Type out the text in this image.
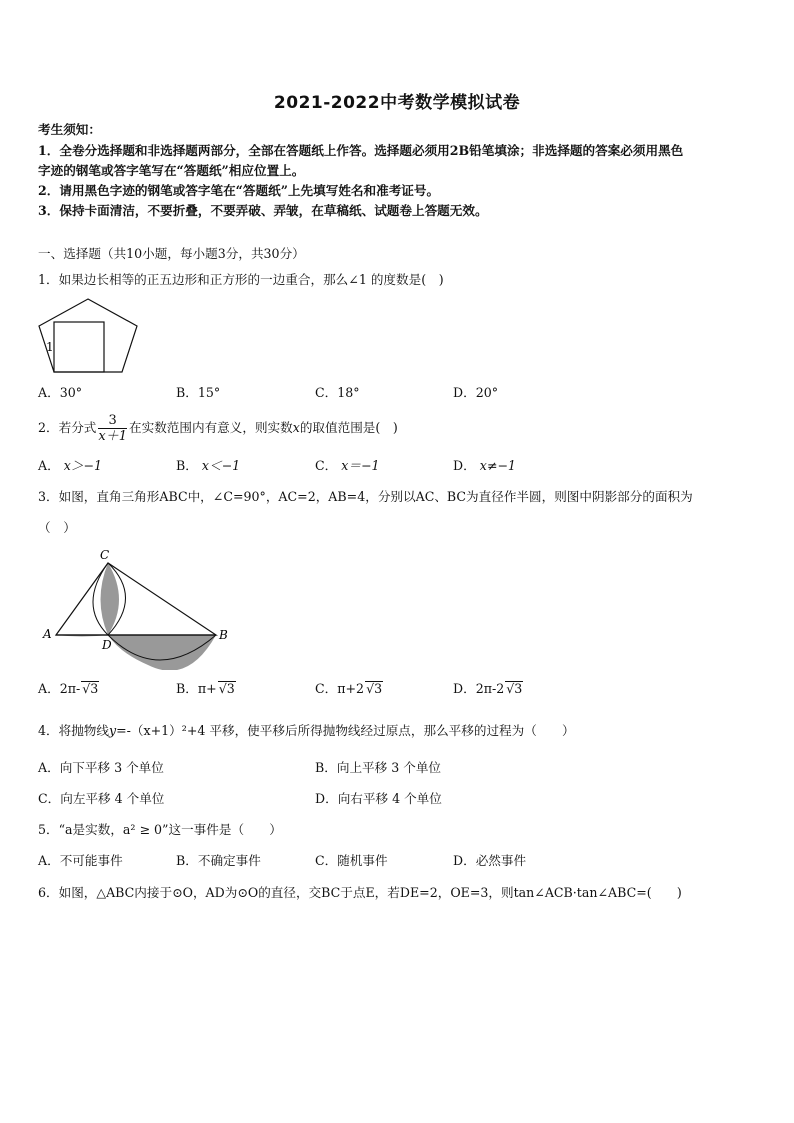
2021-2022中考数学模拟试卷
考生须知：
1．全卷分选择题和非选择题两部分，全部在答题纸上作答。选择题必须用2B铅笔填涂；非选择题的答案必须用黑色
字迹的钢笔或答字笔写在“答题纸”相应位置上。
2．请用黑色字迹的钢笔或答字笔在“答题纸”上先填写姓名和准考证号。
3．保持卡面清洁，不要折叠，不要弄破、弄皱，在草稿纸、试题卷上答题无效。
一、选择题（共10小题，每小题3分，共30分）
1．如果边长相等的正五边形和正方形的一边重合，那么∠1 的度数是(　)
1
A．30°	B．15°	C．18°	D．20°
2．若分式 $\frac{3}{x+1}$ 在实数范围内有意义，则实数x的取值范围是(　)
A． x＞−1	B． x＜−1	C． x＝−1	D． x≠−1
3．如图，直角三角形ABC中，∠C=90°，AC=2，AB=4，分别以AC、BC为直径作半圆，则图中阴影部分的面积为
（　）
C
A
D
B
A．2π- √3	B．π+ √3	C．π+2 √3	D．2π-2 √3
4．将抛物线y=-（x+1）²+4 平移，使平移后所得抛物线经过原点，那么平移的过程为（　　）
A．向下平移 3 个单位	B．向上平移 3 个单位
C．向左平移 4 个单位	D．向右平移 4 个单位
5．“a是实数，a² ≥ 0”这一事件是（　　）
A．不可能事件	B．不确定事件	C．随机事件	D．必然事件
6．如图，△ABC内接于⊙O，AD为⊙O的直径，交BC于点E，若DE=2，OE=3，则tan∠ACB·tan∠ABC=(　　)
